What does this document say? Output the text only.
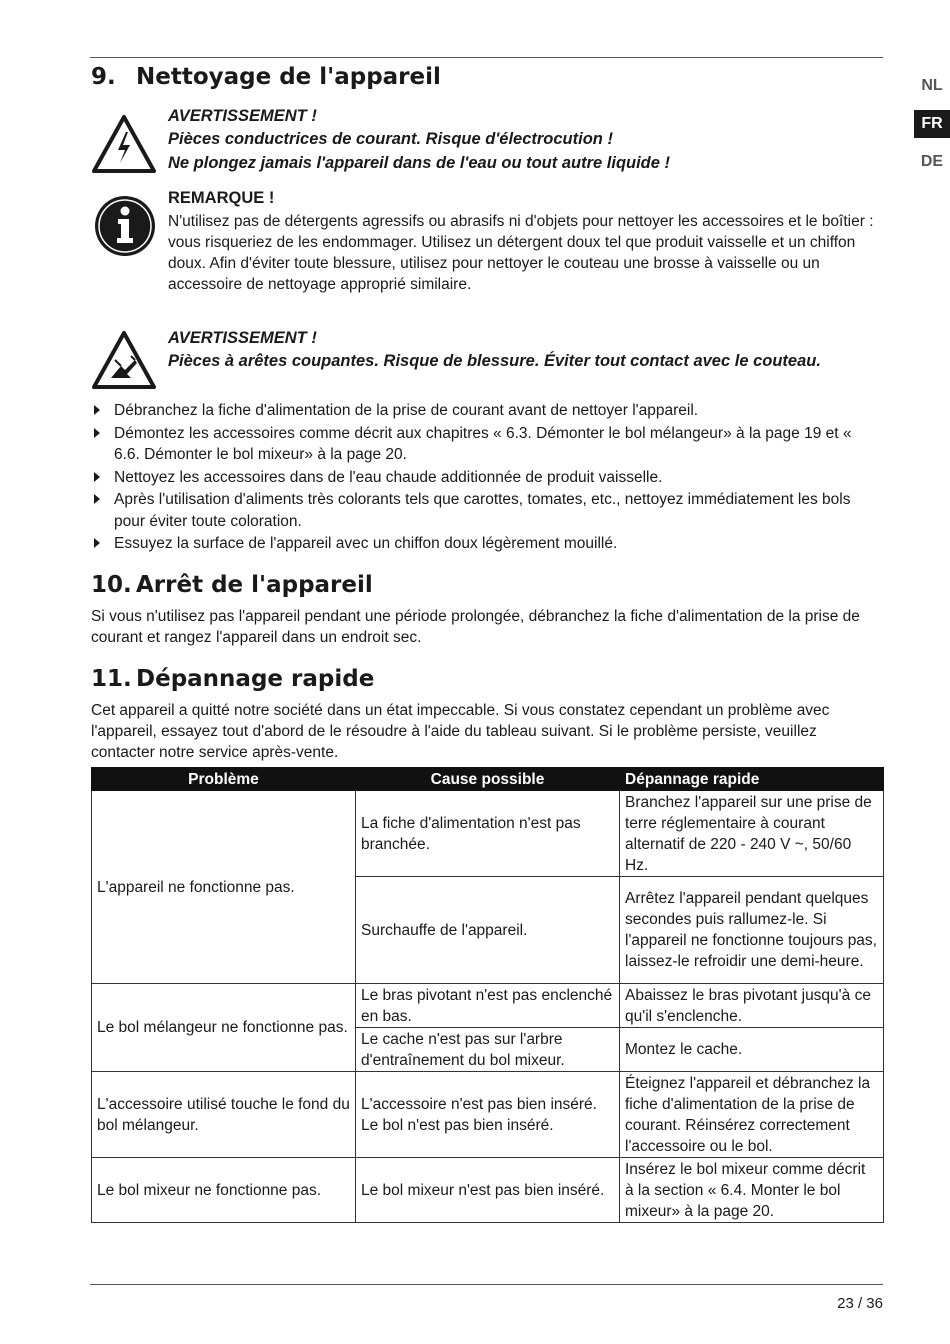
NL
FR
DE
9. Nettoyage de l'appareil
AVERTISSEMENT !
Pièces conductrices de courant. Risque d'électrocution !
Ne plongez jamais l'appareil dans de l'eau ou tout autre liquide !
REMARQUE !
N'utilisez pas de détergents agressifs ou abrasifs ni d'objets pour nettoyer les accessoires et le boîtier : vous risqueriez de les endommager. Utilisez un détergent doux tel que produit vaisselle et un chiffon doux. Afin d'éviter toute blessure, utilisez pour nettoyer le couteau une brosse à vaisselle ou un accessoire de nettoyage approprié similaire.
AVERTISSEMENT !
Pièces à arêtes coupantes. Risque de blessure. Éviter tout contact avec le couteau.
Débranchez la fiche d'alimentation de la prise de courant avant de nettoyer l'appareil.
Démontez les accessoires comme décrit aux chapitres « 6.3. Démonter le bol mélangeur» à la page 19 et « 6.6. Démonter le bol mixeur» à la page 20.
Nettoyez les accessoires dans de l'eau chaude additionnée de produit vaisselle.
Après l'utilisation d'aliments très colorants tels que carottes, tomates, etc., nettoyez immédiatement les bols pour éviter toute coloration.
Essuyez la surface de l'appareil avec un chiffon doux légèrement mouillé.
10. Arrêt de l'appareil
Si vous n'utilisez pas l'appareil pendant une période prolongée, débranchez la fiche d'alimentation de la prise de courant et rangez l'appareil dans un endroit sec.
11. Dépannage rapide
Cet appareil a quitté notre société dans un état impeccable. Si vous constatez cependant un problème avec l'appareil, essayez tout d'abord de le résoudre à l'aide du tableau suivant. Si le problème persiste, veuillez contacter notre service après-vente.
Problème	Cause possible	Dépannage rapide
L'appareil ne fonctionne pas.	La fiche d'alimentation n'est pas branchée.	Branchez l'appareil sur une prise de terre réglementaire à courant alternatif de 220 - 240 V ~, 50/60 Hz.
	Surchauffe de l'appareil.	Arrêtez l'appareil pendant quelques secondes puis rallumez-le. Si l'appareil ne fonctionne toujours pas, laissez-le refroidir une demi-heure.
Le bol mélangeur ne fonctionne pas.	Le bras pivotant n'est pas enclenché en bas.	Abaissez le bras pivotant jusqu'à ce qu'il s'enclenche.
	Le cache n'est pas sur l'arbre d'entraînement du bol mixeur.	Montez le cache.
L'accessoire utilisé touche le fond du bol mélangeur.	L'accessoire n'est pas bien inséré. Le bol n'est pas bien inséré.	Éteignez l'appareil et débranchez la fiche d'alimentation de la prise de courant. Réinsérez correctement l'accessoire ou le bol.
Le bol mixeur ne fonctionne pas.	Le bol mixeur n'est pas bien inséré.	Insérez le bol mixeur comme décrit à la section « 6.4. Monter le bol mixeur» à la page 20.
23 / 36
